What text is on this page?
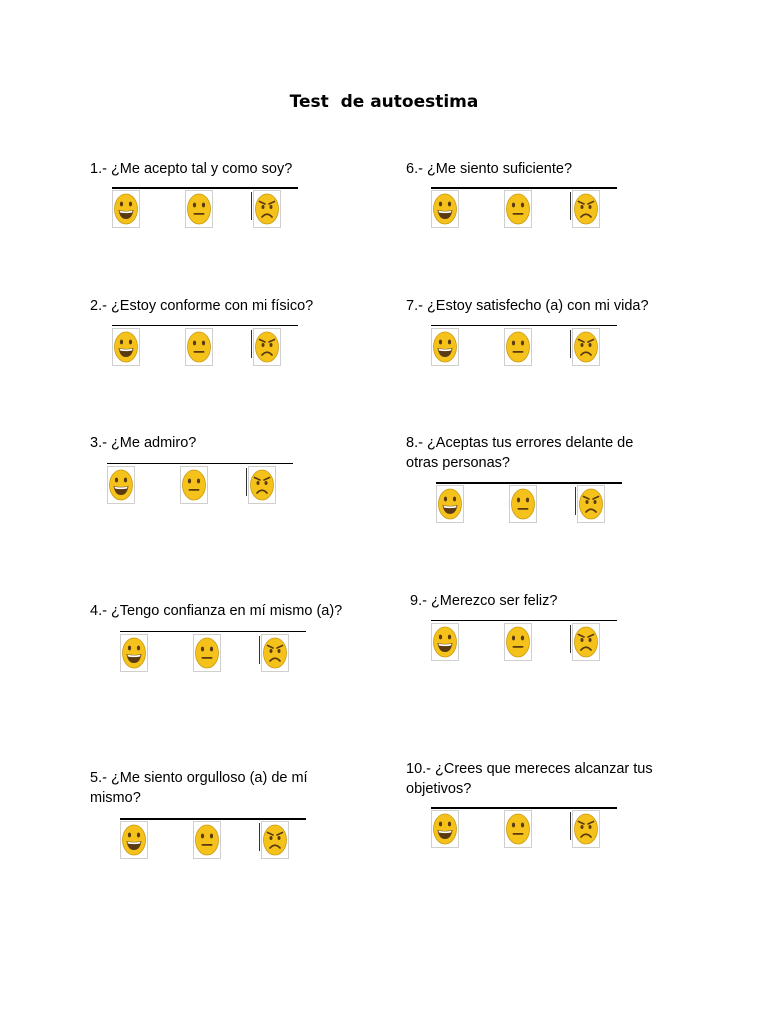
Test  de autoestima
1.- ¿Me acepto tal y como soy?
2.- ¿Estoy conforme con mi físico?
3.- ¿Me admiro?
4.- ¿Tengo confianza en mí mismo (a)?
5.- ¿Me siento orgulloso (a) de mí
mismo?
6.- ¿Me siento suficiente?
7.- ¿Estoy satisfecho (a) con mi vida?
8.- ¿Aceptas tus errores delante de
otras personas?
9.- ¿Merezco ser feliz?
10.- ¿Crees que mereces alcanzar tus
objetivos?
